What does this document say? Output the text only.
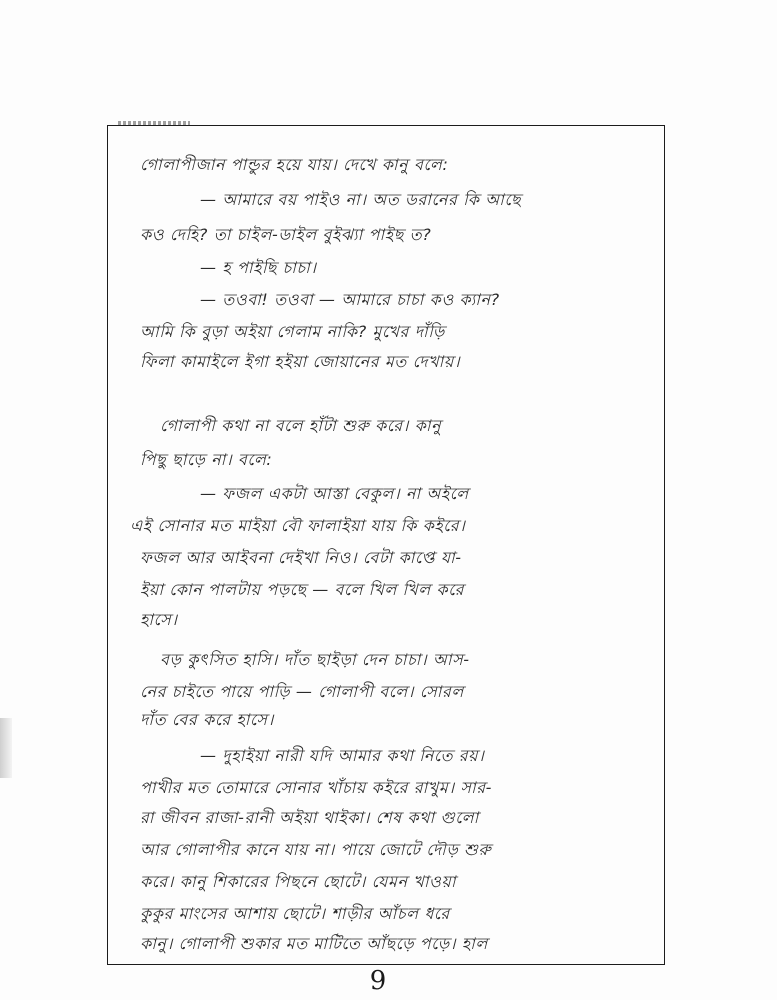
গোলাপীজান পান্ডুর হয়ে যায়। দেখে কানু বলে:

— আমারে বয় পাইও না। অত ডরানের কি আছে

কও দেহি? তা চাইল-ডাইল বুইঝ্যা পাইছ ত?

— হ পাইছি চাচা।

— তওবা! তওবা — আমারে চাচা কও ক্যান?

আমি কি বুড়া অইয়া গেলাম নাকি? মুখের দাঁড়ি

ফিলা কামাইলে ইগা হইয়া জোয়ানের মত দেখায়।

গোলাপী কথা না বলে হাঁটা শুরু করে। কানু

পিছু ছাড়ে না। বলে:

— ফজল একটা আস্তা বেকুল। না অইলে

এই সোনার মত মাইয়া বৌ ফালাইয়া যায় কি কইরে।

ফজল আর আইবনা দেইখা নিও। বেটা কাপ্তে যা-

ইয়া কোন পালটায় পড়ছে — বলে খিল খিল করে

হাসে।

বড় কুৎসিত হাসি। দাঁত ছাইড়া দেন চাচা। আস-

নের চাইতে পায়ে পাড়ি — গোলাপী বলে। সোরল

দাঁত বের করে হাসে।

— দুহাইয়া নারী যদি আমার কথা নিতে রয়।

পাখীর মত তোমারে সোনার খাঁচায় কইরে রাখুম। সার-

রা জীবন রাজা-রানী অইয়া থাইকা। শেষ কথা গুলো

আর গোলাপীর কানে যায় না। পায়ে জোটে দৌড় শুরু

করে। কানু শিকারের পিছনে ছোটে। যেমন খাওয়া

কুকুর মাংসের আশায় ছোটে। শাড়ীর আঁচল ধরে

কানু। গোলাপী শুকার মত মাটিতে আঁছড়ে পড়ে। হাল

9
